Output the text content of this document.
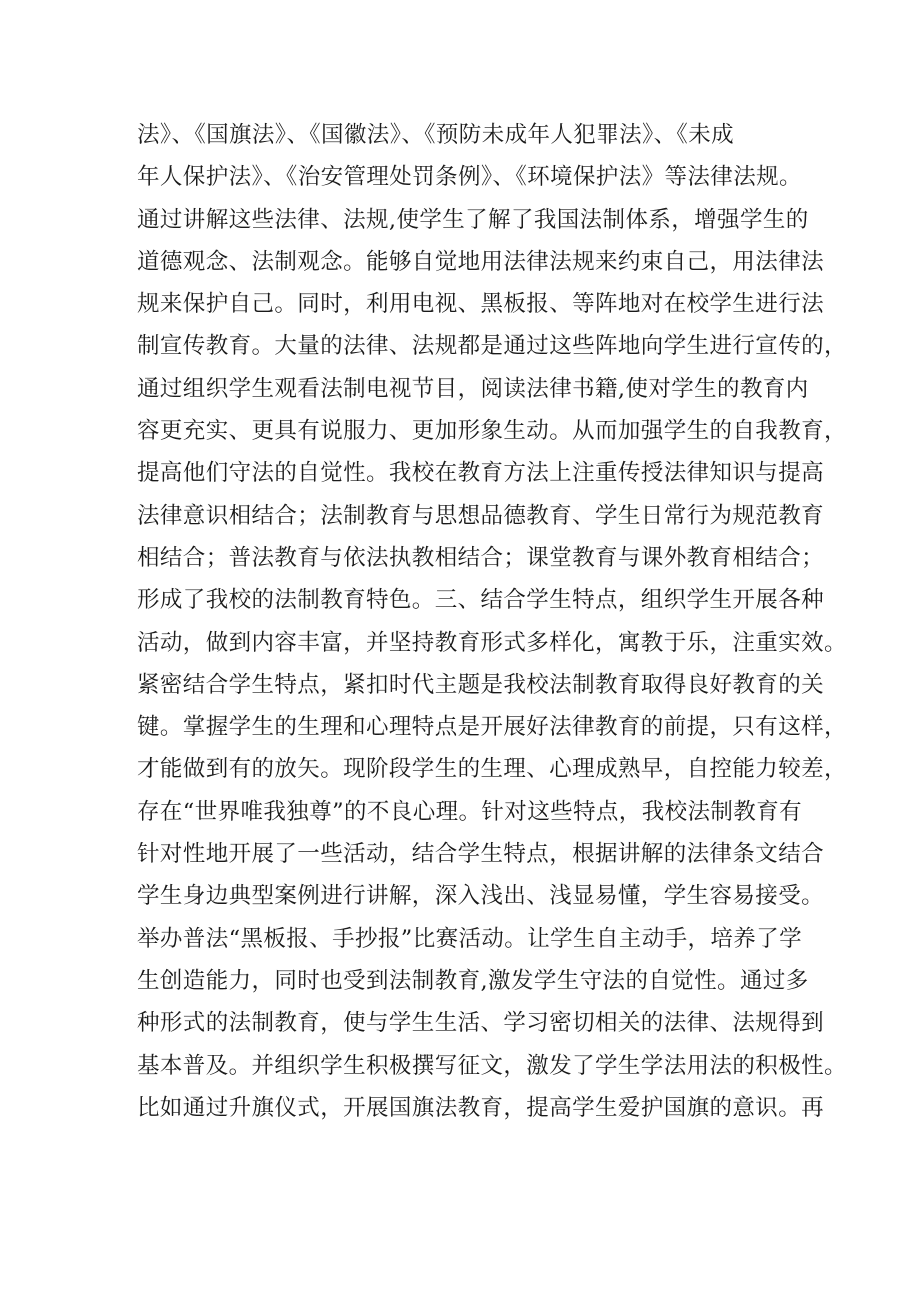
法》、《国旗法》、《国徽法》、《预防未成年人犯罪法》、《未成
年人保护法》、《治安管理处罚条例》、《环境保护法》等法律法规。
通过讲解这些法律、法规,使学生了解了我国法制体系，增强学生的
道德观念、法制观念。能够自觉地用法律法规来约束自己，用法律法
规来保护自己。同时，利用电视、黑板报、等阵地对在校学生进行法
制宣传教育。大量的法律、法规都是通过这些阵地向学生进行宣传的，
通过组织学生观看法制电视节目，阅读法律书籍,使对学生的教育内
容更充实、更具有说服力、更加形象生动。从而加强学生的自我教育，
提高他们守法的自觉性。我校在教育方法上注重传授法律知识与提高
法律意识相结合；法制教育与思想品德教育、学生日常行为规范教育
相结合；普法教育与依法执教相结合；课堂教育与课外教育相结合；
形成了我校的法制教育特色。三、结合学生特点，组织学生开展各种
活动，做到内容丰富，并坚持教育形式多样化，寓教于乐，注重实效。
紧密结合学生特点，紧扣时代主题是我校法制教育取得良好教育的关
键。掌握学生的生理和心理特点是开展好法律教育的前提，只有这样，
才能做到有的放矢。现阶段学生的生理、心理成熟早，自控能力较差，
存在“世界唯我独尊”的不良心理。针对这些特点，我校法制教育有
针对性地开展了一些活动，结合学生特点，根据讲解的法律条文结合
学生身边典型案例进行讲解，深入浅出、浅显易懂，学生容易接受。
举办普法“黑板报、手抄报”比赛活动。让学生自主动手，培养了学
生创造能力，同时也受到法制教育,激发学生守法的自觉性。通过多
种形式的法制教育，使与学生生活、学习密切相关的法律、法规得到
基本普及。并组织学生积极撰写征文，激发了学生学法用法的积极性。
比如通过升旗仪式，开展国旗法教育，提高学生爱护国旗的意识。再
